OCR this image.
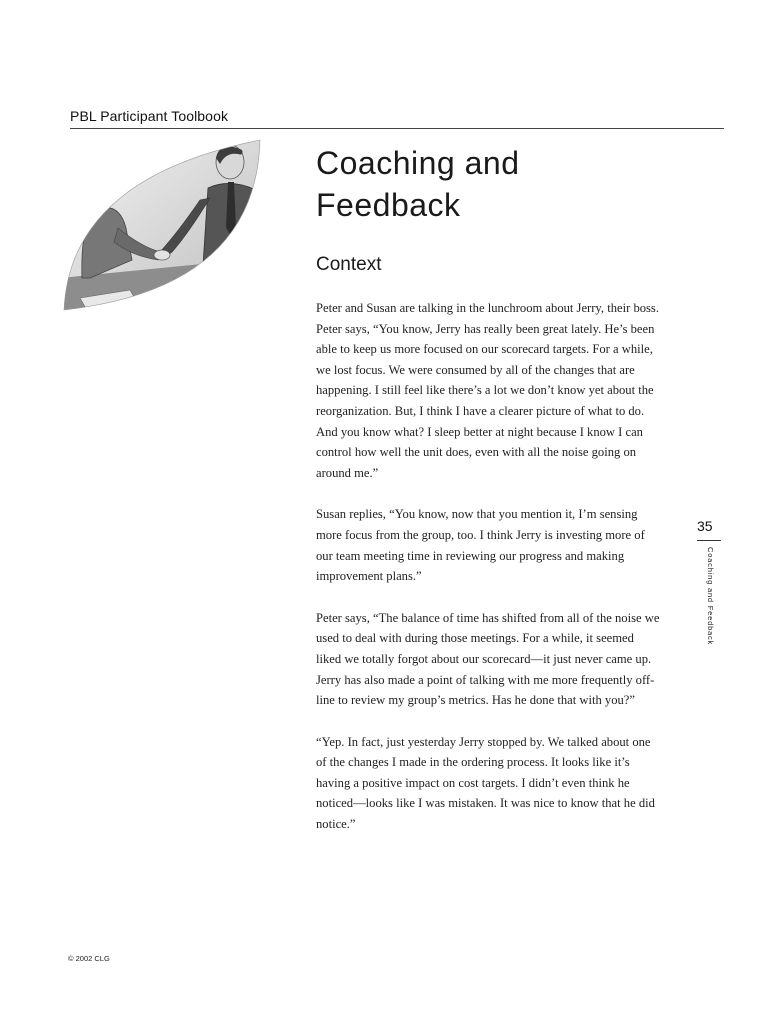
PBL Participant Toolbook
Coaching and
Feedback
Context

Peter and Susan are talking in the lunchroom about Jerry, their boss. Peter says, “You know, Jerry has really been great lately. He’s been able to keep us more focused on our scorecard targets. For a while, we lost focus. We were consumed by all of the changes that are happening. I still feel like there’s a lot we don’t know yet about the reorganization. But, I think I have a clearer picture of what to do. And you know what? I sleep better at night because I know I can control how well the unit does, even with all the noise going on around me.”

Susan replies, “You know, now that you mention it, I’m sensing more focus from the group, too. I think Jerry is investing more of our team meeting time in reviewing our progress and making improvement plans.”

Peter says, “The balance of time has shifted from all of the noise we used to deal with during those meetings. For a while, it seemed liked we totally forgot about our scorecard—it just never came up. Jerry has also made a point of talking with me more frequently off-line to review my group’s metrics. Has he done that with you?”

“Yep. In fact, just yesterday Jerry stopped by. We talked about one of the changes I made in the ordering process. It looks like it’s having a positive impact on cost targets. I didn’t even think he noticed—looks like I was mistaken. It was nice to know that he did notice.”

35
Coaching and Feedback
© 2002 CLG
